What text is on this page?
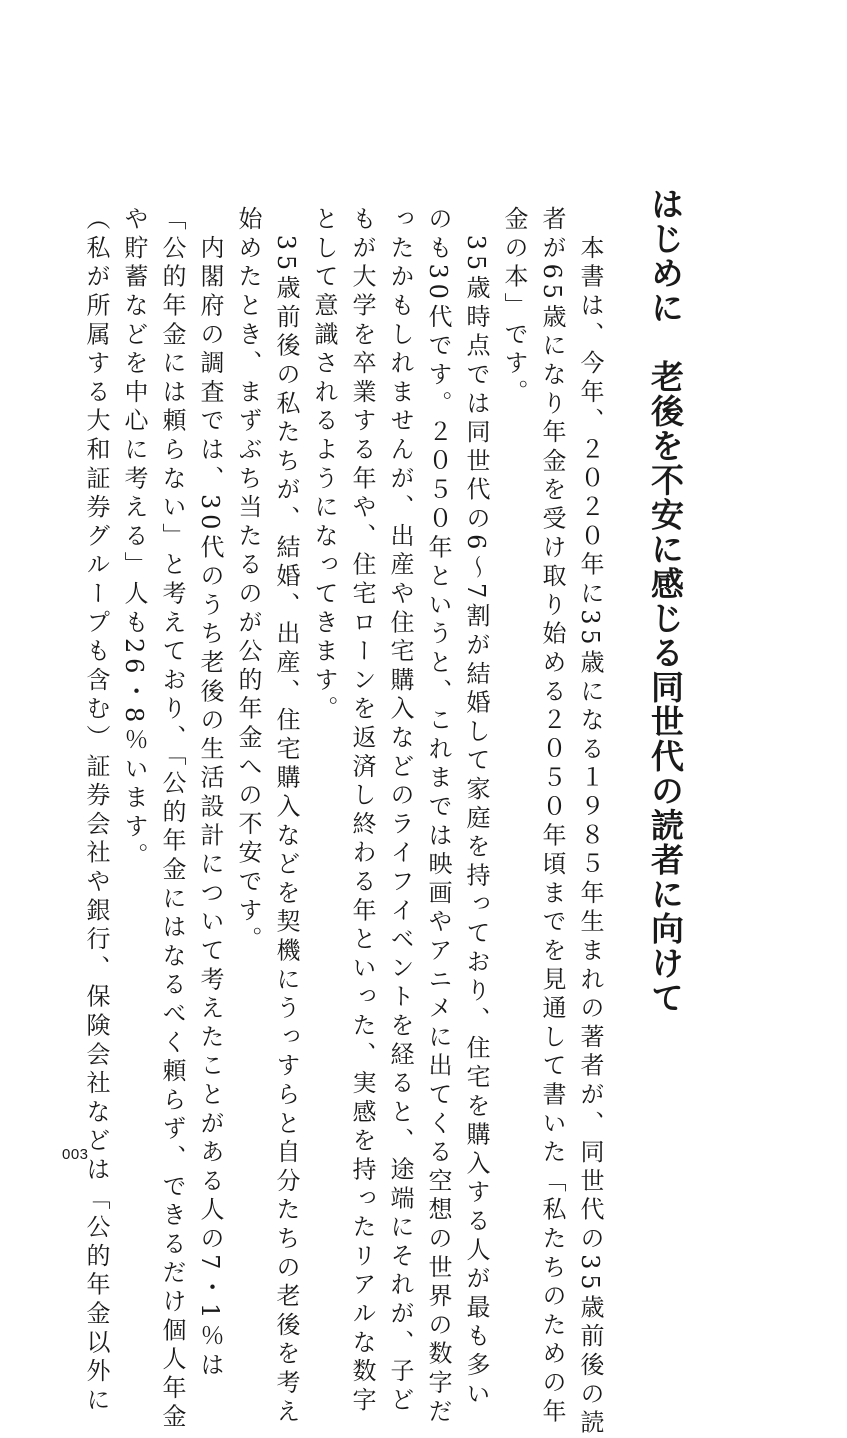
はじめに　老後を不安に感じる同世代の読者に向けて
　本書は、今年、２０２０年に35歳になる１９８５年生まれの著者が、同世代の35歳前後の読
者が65歳になり年金を受け取り始める２０５０年頃までを見通して書いた「私たちのための年
金の本」です。
　35歳時点では同世代の6～7割が結婚して家庭を持っており、住宅を購入する人が最も多い
のも30代です。２０５０年というと、これまでは映画やアニメに出てくる空想の世界の数字だ
ったかもしれませんが、出産や住宅購入などのライフイベントを経ると、途端にそれが、子ど
もが大学を卒業する年や、住宅ローンを返済し終わる年といった、実感を持ったリアルな数字
として意識されるようになってきます。
　35歳前後の私たちが、結婚、出産、住宅購入などを契機にうっすらと自分たちの老後を考え
始めたとき、まずぶち当たるのが公的年金への不安です。
　内閣府の調査では、30代のうち老後の生活設計について考えたことがある人の7・1％は
「公的年金には頼らない」と考えており、「公的年金にはなるべく頼らず、できるだけ個人年金
や貯蓄などを中心に考える」人も26・8％います。
（私が所属する大和証券グループも含む）証券会社や銀行、保険会社などは「公的年金以外に
003
